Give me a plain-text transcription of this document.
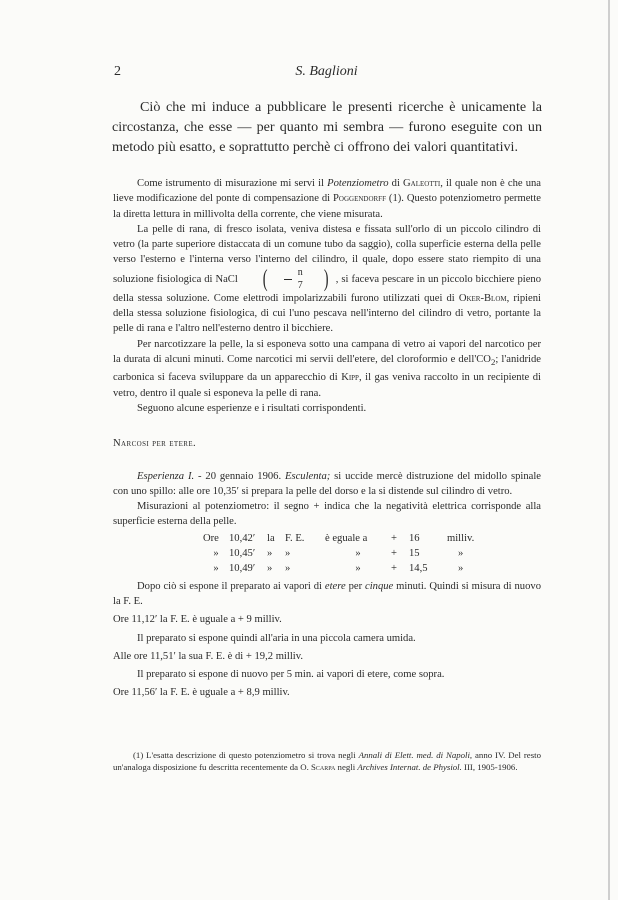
2	S. Baglioni

Ciò che mi induce a pubblicare le presenti ricerche è unicamente la circostanza, che esse — per quanto mi sembra — furono eseguite con un metodo più esatto, e soprattutto perchè ci offrono dei valori quantitativi.

Come istrumento di misurazione mi servi il Potenziometro di Galeotti, il quale non è che una lieve modificazione del ponte di compensazione di Poggendorff (1). Questo potenziometro permette la diretta lettura in millivolta della corrente, che viene misurata.

La pelle di rana, di fresco isolata, veniva distesa e fissata sull'orlo di un piccolo cilindro di vetro (la parte superiore distaccata di un comune tubo da saggio), colla superficie esterna della pelle verso l'esterno e l'interna verso l'interno del cilindro, il quale, dopo essere stato riempito di una soluzione fisiologica di NaCl	(	n
7 ) , si faceva pescare in un piccolo bicchiere pieno della stessa soluzione. Come elettrodi impolarizzabili furono utilizzati quei di Oker-Blom, ripieni della stessa soluzione fisiologica, di cui l'uno pescava nell'interno del cilindro di vetro, portante la pelle di rana e l'altro nell'esterno dentro il bicchiere.

Per narcotizzare la pelle, la si esponeva sotto una campana di vetro ai vapori del narcotico per la durata di alcuni minuti. Come narcotici mi servii dell'etere, del cloroformio e $dell'CO_2$; l'anidride carbonica si faceva sviluppare da un apparecchio di Kipp, il gas veniva raccolto in un recipiente di vetro, dentro il quale si esponeva la pelle di rana.

Seguono alcune esperienze e i risultati corrispondenti.

Narcosi per etere.

Esperienza I. - 20 gennaio 1906. Esculenta; si uccide mercè distruzione del midollo spinale con uno spillo: alle ore 10,35′ si prepara la pelle del dorso e la si distende sul cilindro di vetro.

Misurazioni al potenziometro: il segno + indica che la negatività elettrica corrisponde alla superficie esterna della pelle.

Ore	10,42′	la	F. E.	è eguale a	+	16	milliv.
»	10,45′	»	»	»	+	15	»
»	10,49′	»	»	»	+	14,5	»

Dopo ciò si espone il preparato ai vapori di etere per cinque minuti. Quindi si misura di nuovo la F. E.

Ore 11,12′ la F. E. è uguale a + 9 milliv.

Il preparato si espone quindi all'aria in una piccola camera umida.

Alle ore 11,51′ la sua F. E. è di + 19,2 milliv.

Il preparato si espone di nuovo per 5 min. ai vapori di etere, come sopra.

Ore 11,56′ la F. E. è uguale a + 8,9 milliv.

(1) L'esatta descrizione di questo potenziometro si trova negli Annali di Elett. med. di Napoli, anno IV. Del resto un'analoga disposizione fu descritta recentemente da O. Scarpa negli Archives Internat. de Physiol. III, 1905-1906.
